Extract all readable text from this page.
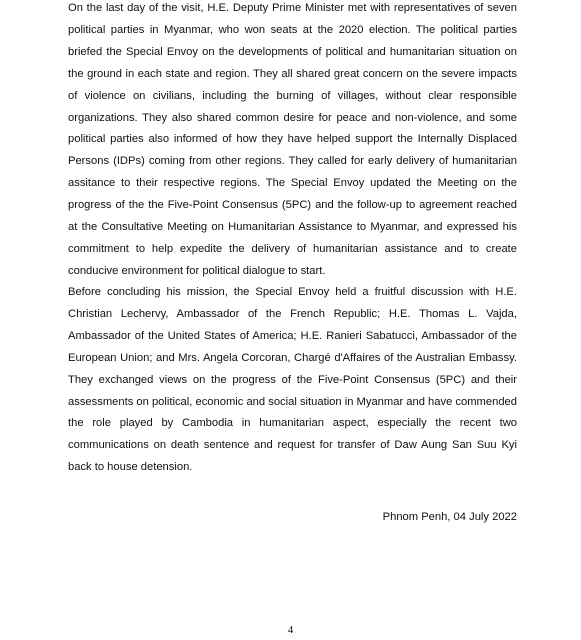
On the last day of the visit, H.E. Deputy Prime Minister met with representatives of seven political parties in Myanmar, who won seats at the 2020 election. The political parties briefed the Special Envoy on the developments of political and humanitarian situation on the ground in each state and region. They all shared great concern on the severe impacts of violence on civilians, including the burning of villages, without clear responsible organizations. They also shared common desire for peace and non-violence, and some political parties also informed of how they have helped support the Internally Displaced Persons (IDPs) coming from other regions. They called for early delivery of humanitarian assitance to their respective regions. The Special Envoy updated the Meeting on the progress of the the Five-Point Consensus (5PC) and the follow-up to agreement reached at the Consultative Meeting on Humanitarian Assistance to Myanmar, and expressed his commitment to help expedite the delivery of humanitarian assistance and to create conducive environment for political dialogue to start.

Before concluding his mission, the Special Envoy held a fruitful discussion with H.E. Christian Lechervy, Ambassador of the French Republic; H.E. Thomas L. Vajda, Ambassador of the United States of America; H.E. Ranieri Sabatucci, Ambassador of the European Union; and Mrs. Angela Corcoran, Chargé d'Affaires of the Australian Embassy. They exchanged views on the progress of the Five-Point Consensus (5PC) and their assessments on political, economic and social situation in Myanmar and have commended the role played by Cambodia in humanitarian aspect, especially the recent two communications on death sentence and request for transfer of Daw Aung San Suu Kyi back to house detension.

Phnom Penh, 04 July 2022

4
